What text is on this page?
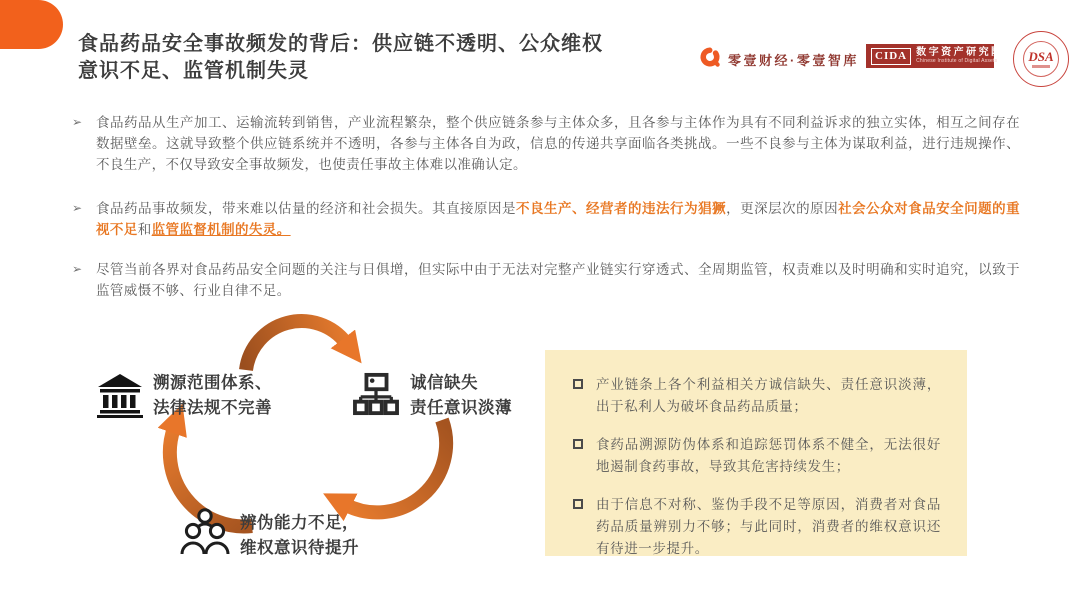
食品药品安全事故频发的背后：供应链不透明、公众维权
意识不足、监管机制失灵	零壹财经·零壹智库	CIDA 数字资产研究院
Chinese Institute of Digital Assets	DSA
➢	食品药品从生产加工、运输流转到销售，产业流程繁杂，整个供应链条参与主体众多，且各参与主体作为具有不同利益诉求的独立实体，相互之间存在数据壁垒。这就导致整个供应链系统并不透明，各参与主体各自为政，信息的传递共享面临各类挑战。一些不良参与主体为谋取利益，进行违规操作、不良生产，不仅导致安全事故频发，也使责任事故主体难以准确认定。
➢	食品药品事故频发，带来难以估量的经济和社会损失。其直接原因是不良生产、经营者的违法行为猖獗，更深层次的原因社会公众对食品安全问题的重视不足和监管监督机制的失灵。
➢	尽管当前各界对食品药品安全问题的关注与日俱增，但实际中由于无法对完整产业链实行穿透式、全周期监管，权责难以及时明确和实时追究，以致于监管威慑不够、行业自律不足。
溯源范围体系、
法律法规不完善
诚信缺失
责任意识淡薄
辨伪能力不足，
维权意识待提升
产业链条上各个利益相关方诚信缺失、责任意识淡薄，出于私利人为破坏食品药品质量；
食药品溯源防伪体系和追踪惩罚体系不健全，无法很好地遏制食药事故，导致其危害持续发生；
由于信息不对称、鉴伪手段不足等原因，消费者对食品药品质量辨别力不够；与此同时，消费者的维权意识还有待进一步提升。
